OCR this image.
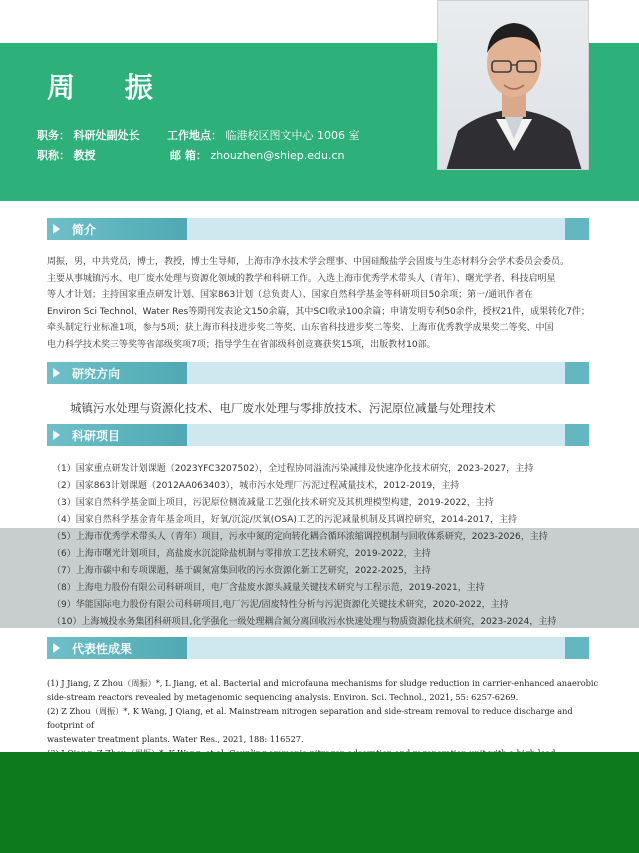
周 振
职务： 科研处副处长	工作地点： 临港校区图文中心 1006 室
职称： 教授	邮 箱： zhouzhen@shiep.edu.cn
简介
周振，男，中共党员，博士，教授，博士生导师，上海市净水技术学会理事、中国硅酸盐学会固废与生态材料分会学术委员会委员。
主要从事城镇污水、电厂废水处理与资源化领域的教学和科研工作。入选上海市优秀学术带头人（青年）、曙光学者、科技启明星
等人才计划；主持国家重点研发计划、国家863计划（总负责人）、国家自然科学基金等科研项目50余项；第一/通讯作者在
Environ Sci Technol、Water Res等期刊发表论文150余篇，其中SCI收录100余篇；申请发明专利50余件，授权21件，成果转化7件；
牵头制定行业标准1项，参与5项；获上海市科技进步奖二等奖、山东省科技进步奖二等奖、上海市优秀教学成果奖二等奖、中国
电力科学技术奖三等奖等省部级奖项7项；指导学生在省部级科创竞赛获奖15项，出版教材10部。
研究方向
城镇污水处理与资源化技术、电厂废水处理与零排放技术、污泥原位减量与处理技术
科研项目
（1）国家重点研发计划课题（2023YFC3207502），全过程协同溢流污染减排及快速净化技术研究，2023-2027，主持
（2）国家863计划课题（2012AA063403），城市污水处理厂污泥过程减量技术，2012-2019，主持
（3）国家自然科学基金面上项目，污泥原位侧流减量工艺强化技术研究及其机理模型构建，2019-2022，主持
（4）国家自然科学基金青年基金项目，好氧/沉淀/厌氧(OSA)工艺的污泥减量机制及其调控研究，2014-2017，主持
（5）上海市优秀学术带头人（青年）项目，污水中氮的定向转化耦合循环浓缩调控机制与回收体系研究，2023-2026，主持
（6）上海市曙光计划项目，高盐废水沉淀除盐机制与零排放工艺技术研究，2019-2022，主持
（7）上海市碳中和专项课题，基于碳氮富集回收的污水资源化新工艺研究，2022-2025，主持
（8）上海电力股份有限公司科研项目，电厂含盐废水源头减量关键技术研究与工程示范，2019-2021，主持
（9）华能国际电力股份有限公司科研项目,电厂污泥/固废特性分析与污泥资源化关键技术研究，2020-2022，主持
（10）上海城投水务集团科研项目,化学强化一级处理耦合氮分离回收污水快速处理与物质资源化技术研究，2023-2024，主持
代表性成果
(1) J Jiang, Z Zhou（周振）*, L Jiang, et al. Bacterial and microfauna mechanisms for sludge reduction in carrier-enhanced anaerobic
side-stream reactors revealed by metagenomic sequencing analysis. Environ. Sci. Technol., 2021, 55: 6257-6269.
(2) Z Zhou（周振）*, K Wang, J Qiang, et al. Mainstream nitrogen separation and side-stream removal to reduce discharge and footprint of
wastewater treatment plants. Water Res., 2021, 188: 116527.
